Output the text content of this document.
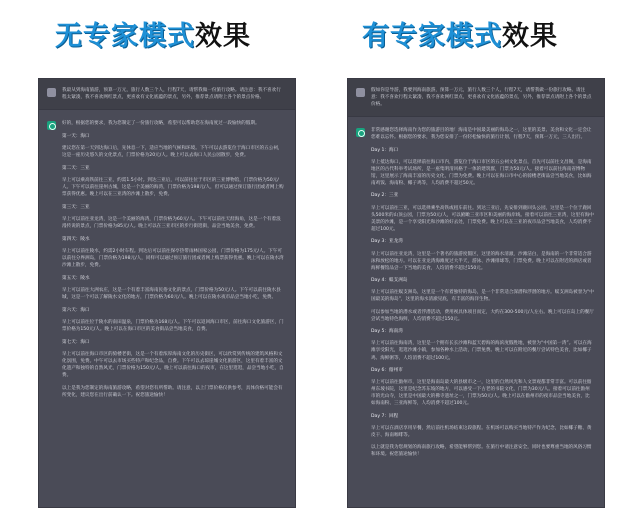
无专家模式 效果	有专家模式 效果
我最从到海南旅游，预算一万元，旅行人数三个人，行程7天，请帮我做一份旅行攻略。请注意：我不喜欢行程太紧凑，我不喜欢网红景点，更喜欢有文化底蕴的景点，另外，推荐景点请附上各个的景点价格。
好的，根据您的要求，我为您制定了一份旅行攻略，希望可以帮助您在海南度过一段愉快的假期。
第一天：海口
建议您在第一天到达海口后，先休息一下，适应当地的气候和环境。下午可以去游览位于海口市区的五公祠，这是一座历史悠久的文化景点，门票价格为20元/人。晚上可以去海口人民公园散步，免费。
第二天：三亚
早上可以乘高铁前往三亚，约需1.5小时。到达三亚后，可以前往位于市区的三亚博物馆，门票价格为50元/人。下午可以前往崖州古城，这是一个美丽的海湾，门票价格为198元/人，但可以通过预订旅行团或者网上购票获得优惠。晚上可以在三亚湾的沙滩上散步，免费。
第三天：三亚
早上可以前往亚龙湾，这是一个美丽的海湾，门票价格为60元/人。下午可以前往天涯海角，这是一个有着浪漫传说的景点，门票价格为85元/人。晚上可以在三亚市区的步行街逛街，品尝当地美食，免费。
第四天：陵水
早上可以前往陵水，约需2小时车程。到达后可以前往保亭热带雨林国家公园，门票价格为175元/人。下午可以前往分界洲岛，门票价格为198元/人，同样可以通过预订旅行团或者网上购票获得优惠。晚上可以在陵水湾沙滩上散步，免费。
第五天：陵水
早上可以前往大洲农庄，这是一个有着丰富海南民俗文化的景点，门票价格为50元/人。下午可以前往陵水县城，这是一个可以了解陵水文化的地方，门票价格为60元/人。晚上可以在陵水夜市品尝当地小吃，免费。
第六天：海口
早上可以前往位于陵水的南田温泉，门票价格为168元/人。下午可以返回海口市区，前往海口文化旅游区，门票价格为150元/人。晚上可以在海口市区的美食街品尝当地美食，自费。
第七天：海口
早上可以前往海口市区的骑楼老街，这是一个有着浓厚海南文化的历史街区，可以欣赏到传统的建筑风格和文化氛围，免费。中午可以去市场买些特产和纪念品，自费。下午可以去琼崖城文化旅游区，这里有着丰富的文化遗产和独特的自然风光，门票价格为150元/人。晚上可以前往海口的夜市，在这里逛逛，品尝当地小吃，自费。
以上是我为您制定的海南旅游攻略，希望对您有所帮助。请注意，以上门票价格仅供参考，具体价格可能会有所变化，建议您在出行前确认一下。祝您旅途愉快！
假如你是导游，我要到海南旅游，预算一万元，旅行人数三个人，行程7天，请帮我做一份旅行攻略。请注意：我不喜欢行程太紧凑，我不喜欢网红景点，更喜欢有文化底蕴的景点，另外，推荐景点请附上各个的景点价格。
非常感谢您选择海南作为您的旅游目的地！海南是中国最美丽的海岛之一，这里的美景、美食和文化一定会让您难以忘怀。根据您的要求，我为您安排了一份轻松愉快的旅行计划，行程7天，预算一万元，三人出行。
Day 1：海口
早上抵达海口，可以选择前往海口市内，游览位于海口市区的五公祠文化景点，首先可以前往文昌阁，是海南地区的古代科举考试场所，是一座集明清风格于一体的建筑群，门票为50元/人。接着可以前往海南省博物馆，这里展示了海南丰富的历史文化，门票为免费。晚上可以在海口市中心的骑楼老街品尝当地美食，比如海南鸡饭、海南粉、椰子鸡等，人均消费不超过50元。
Day 2：三亚
早上可以前往三亚，可以选择乘坐高铁或租车前往。到达三亚后，先安排到鹿回头公园，这里是一个位于鹿回头500米的山顶公园，门票为50元/人，可以俯瞰三亚市区和美丽的海岸线。接着可以前往三亚湾，这里有海中美景的沙滩，是一个享受阳光和沙滩的好去处，门票免费。晚上可以在三亚的夜市品尝当地美食，人均消费不超过100元。
Day 3：亚龙湾
早上可以前往亚龙湾，这里是一个著名的旅游度假区，这里的海水清澈，沙滩洁白，是海南的一个非常适合游泳和放松的地方。可以在亚龙湾海滩度过大半天，游泳、沙滩排球等，门票免费。晚上可以在附近的酒店或者海鲜餐馆品尝一下当地的美食，人均消费不超过150元。
Day 4：蜈支洲岛
早上可以前往蜈支洲岛，这里是一个有着独特的海岛，是一个非常适合深潜和浮潜的地方。蜈支洲岛被誉为“中国最美的海岛”，这里的海水清澈见底，有丰富的海洋生物。
可以参加当地的潜水或者浮潜活动，费用视具体项目而定，大约在300-500元/人左右。晚上可以在岛上的餐厅尝试当地特色海鲜，人均消费不超过150元。
Day 5：海南湾
早上可以前往海南湾，这里是一个拥有长长沙滩和蓝天碧海的海滨度假胜地，被誉为“中国第一湾”。可以在海滩享受阳光，逛逛沙滩小镇，参加各种水上活动，门票免费。晚上可以在附近的餐厅尝试特色美食，比如椰子鸡、海鲜粥等，人均消费不超过100元。
Day 6：儋州市
早上可以前往儋州市，这里是海南岛最大的县级市之一，这里的自然风光和人文景观都非常丰富。可以前往儋州东坡书院，这里是纪念苏东坡的地方，可以感受一下古老的书院文化，门票为30元/人。接着可以前往儋州市的光山寺，这里是中国最大的佛寺遗址之一，门票为50元/人。晚上可以在儋州市的夜市品尝当地美食，比如海南粉、三亚海鲜等，人均消费不超过100元。
Day 7：回程
早上可以在酒店享用早餐，然后前往机场结束这段旅程。在机场可以购买当地特产作为纪念，比如椰子糖、黄皮干、海南咖啡等。
以上就是我为您规划的海南旅行攻略，希望能够帮到您。在旅行中请注意安全，同时也要尊重当地的风俗习惯和环境。祝您旅途愉快！
